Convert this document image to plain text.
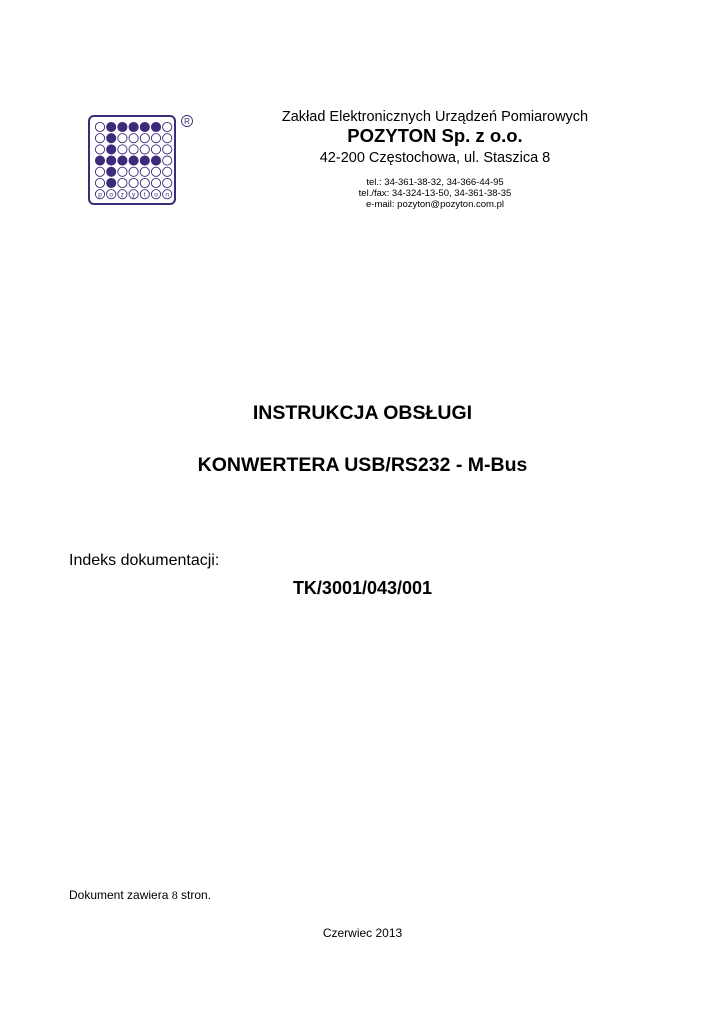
p o z y t o n
R	Zakład Elektronicznych Urządzeń Pomiarowych
POZYTON Sp. z o.o.
42-200 Częstochowa, ul. Staszica 8
tel.: 34-361-38-32, 34-366-44-95
tel./fax: 34-324-13-50, 34-361-38-35
e-mail: pozyton@pozyton.com.pl
INSTRUKCJA OBSŁUGI
KONWERTERA USB/RS232 - M-Bus
Indeks dokumentacji:
TK/3001/043/001
Dokument zawiera 8 stron.
Czerwiec 2013
